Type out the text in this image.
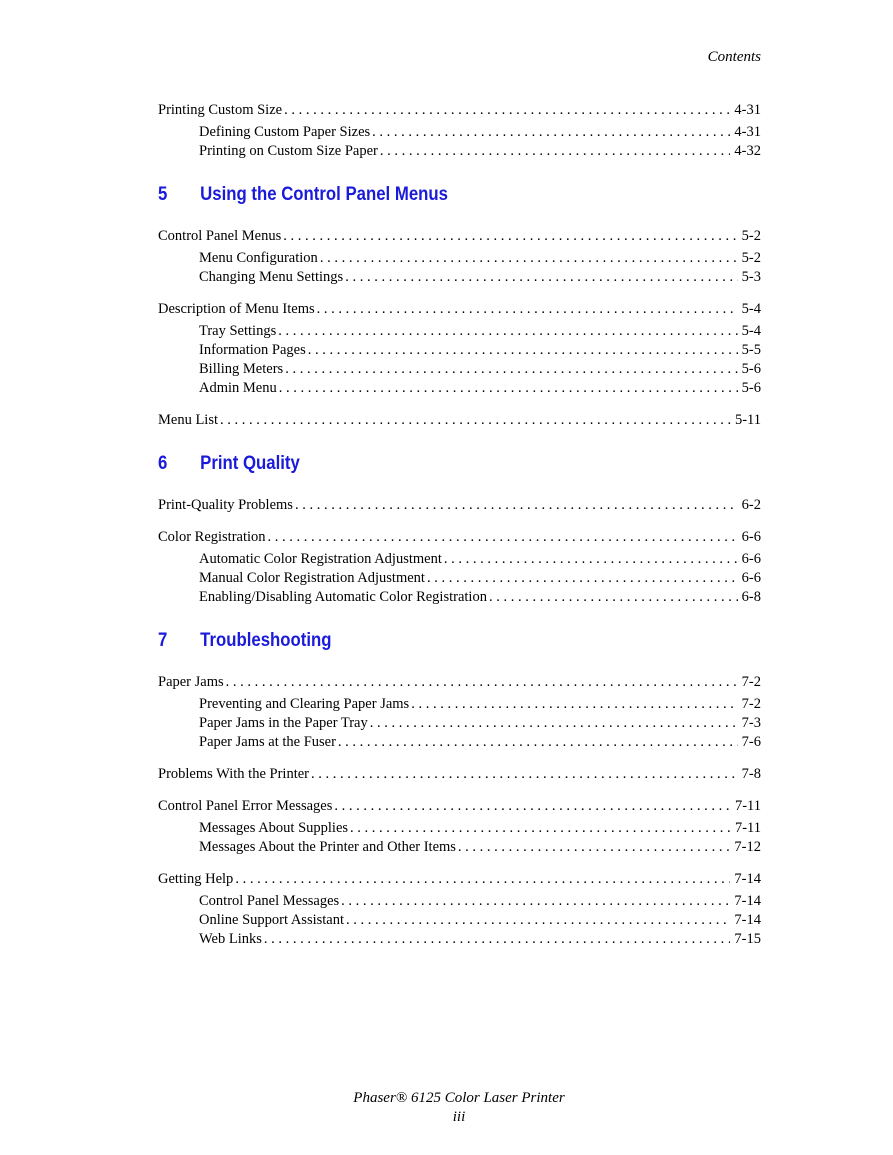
Contents
Printing Custom Size . . .	4-31
Defining Custom Paper Sizes . . .	4-31
Printing on Custom Size Paper . . .	4-32
5	Using the Control Panel Menus
Control Panel Menus . . .	5-2
Menu Configuration . . .	5-2
Changing Menu Settings . . .	5-3
Description of Menu Items . . .	5-4
Tray Settings . . .	5-4
Information Pages . . .	5-5
Billing Meters . . .	5-6
Admin Menu . . .	5-6
Menu List . . .	5-11
6	Print Quality
Print-Quality Problems . . .	6-2
Color Registration . . .	6-6
Automatic Color Registration Adjustment . . .	6-6
Manual Color Registration Adjustment . . .	6-6
Enabling/Disabling Automatic Color Registration . . .	6-8
7	Troubleshooting
Paper Jams . . .	7-2
Preventing and Clearing Paper Jams . . .	7-2
Paper Jams in the Paper Tray . . .	7-3
Paper Jams at the Fuser . . .	7-6
Problems With the Printer . . .	7-8
Control Panel Error Messages . . .	7-11
Messages About Supplies . . .	7-11
Messages About the Printer and Other Items . . .	7-12
Getting Help . . .	7-14
Control Panel Messages . . .	7-14
Online Support Assistant . . .	7-14
Web Links . . .	7-15
Phaser® 6125 Color Laser Printer
iii
